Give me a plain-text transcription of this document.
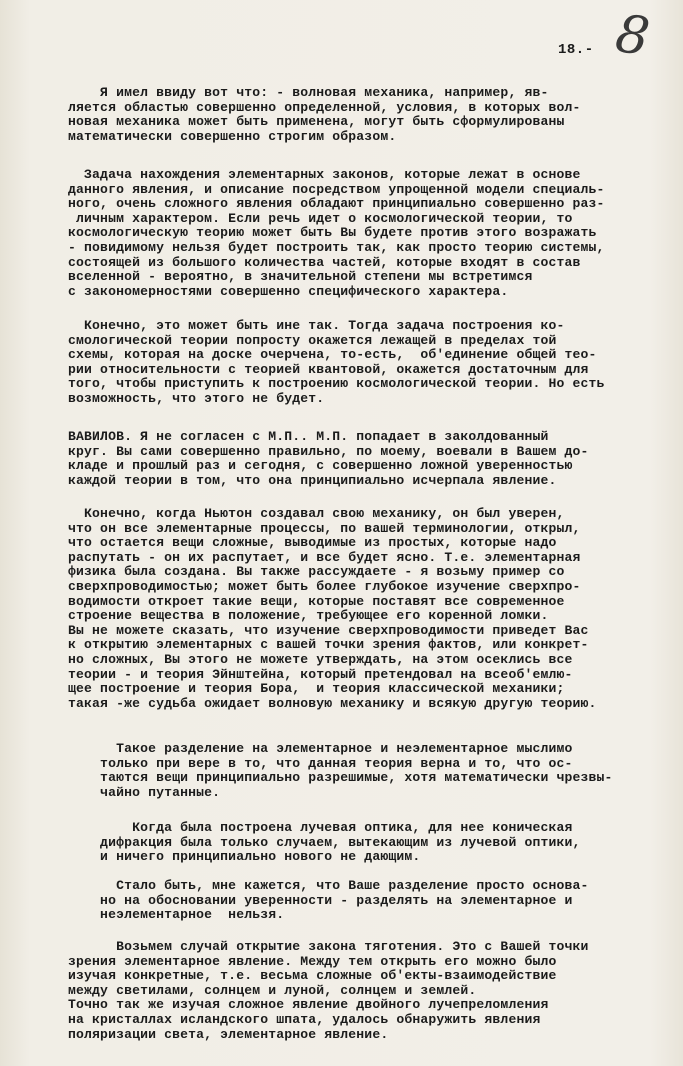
18.- 8
Я имел ввиду вот что: - волновая механика, например, яв-
ляется областью совершенно определенной, условия, в которых вол-
новая механика может быть применена, могут быть сформулированы
математически совершенно строгим образом.
Задача нахождения элементарных законов, которые лежат в основе
данного явления, и описание посредством упрощенной модели специаль-
ного, очень сложного явления обладают принципиально совершенно раз-
личным характером. Если речь идет о космологической теории, то
космологическую теорию может быть Вы будете против этого возражать
- повидимому нельзя будет построить так, как просто теорию системы,
состоящей из большого количества частей, которые входят в состав
вселенной - вероятно, в значительной степени мы встретимся
с закономерностями совершенно специфического характера.
Конечно, это может быть ине так. Тогда задача построения ко-
смологической теории попросту окажется лежащей в пределах той
схемы, которая на доске очерчена, то-есть,  об'единение общей тео-
рии относительности с теорией квантовой, окажется достаточным для
того, чтобы приступить к построению космологической теории. Но есть
возможность, что этого не будет.
ВАВИЛОВ. Я не согласен с М.П.. М.П. попадает в заколдованный
круг. Вы сами совершенно правильно, по моему, воевали в Вашем до-
кладе и прошлый раз и сегодня, с совершенно ложной уверенностью
каждой теории в том, что она принципиально исчерпала явление.
Конечно, когда Ньютон создавал свою механику, он был уверен,
что он все элементарные процессы, по вашей терминологии, открыл,
что остается вещи сложные, выводимые из простых, которые надо
распутать - он их распутает, и все будет ясно. Т.е. элементарная
физика была создана. Вы также рассуждаете - я возьму пример со
сверхпроводимостью; может быть более глубокое изучение сверхпро-
водимости откроет такие вещи, которые поставят все современное
строение вещества в положение, требующее его коренной ломки.
Вы не можете сказать, что изучение сверхпроводимости приведет Вас
к открытию элементарных с вашей точки зрения фактов, или конкрет-
но сложных, Вы этого не можете утверждать, на этом осеклись все
теории - и теория Эйнштейна, который претендовал на всеоб'емлю-
щее построение и теория Бора,  и теория классической механики;
такая -же судьба ожидает волновую механику и всякую другую теорию.
Такое разделение на элементарное и неэлементарное мыслимо
только при вере в то, что данная теория верна и то, что ос-
таются вещи принципиально разрешимые, хотя математически чрезвы-
чайно путанные.
Когда была построена лучевая оптика, для нее коническая
дифракция была только случаем, вытекающим из лучевой оптики,
и ничего принципиально нового не дающим.
Стало быть, мне кажется, что Ваше разделение просто основа-
но на обосновании уверенности - разделять на элементарное и
неэлементарное  нельзя.
Возьмем случай открытие закона тяготения. Это с Вашей точки
зрения элементарное явление. Между тем открыть его можно было
изучая конкретные, т.е. весьма сложные об'екты-взаимодействие
между светилами, солнцем и луной, солнцем и землей.
Точно так же изучая сложное явление двойного лучепреломления
на кристаллах исландского шпата, удалось обнаружить явления
поляризации света, элементарное явление.
